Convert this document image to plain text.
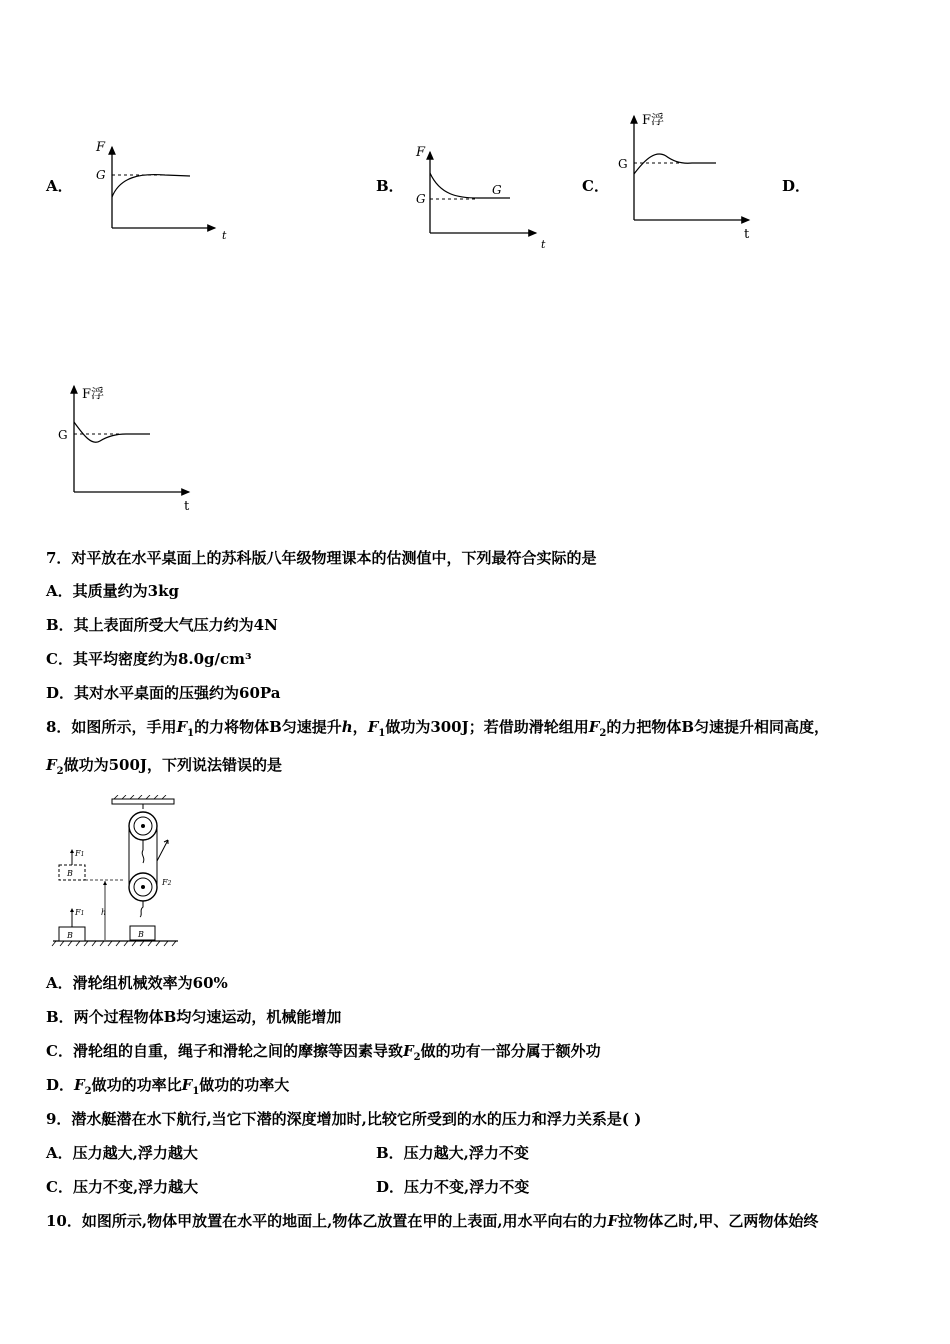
A．	B．	C．	D．
F
G
t
F
G
G
t
F浮
G
t
F浮
G
t
7．对平放在水平桌面上的苏科版八年级物理课本的估测值中，下列最符合实际的是
A．其质量约为3kg
B．其上表面所受大气压力约为4N
C．其平均密度约为8.0g/cm³
D．其对水平桌面的压强约为60Pa
8．如图所示，手用$F_1$的力将物体B匀速提升h，$F_1$做功为300J；若借助滑轮组用$F_2$的力把物体B匀速提升相同高度，
$F_2$做功为500J，下列说法错误的是
F2
B
B
F1
B
F1
h
A．滑轮组机械效率为60%
B．两个过程物体B均匀速运动，机械能增加
C．滑轮组的自重，绳子和滑轮之间的摩擦等因素导致$F_2$做的功有一部分属于额外功
D．$F_2$做功的功率比$F_1$做功的功率大
9．潜水艇潜在水下航行,当它下潜的深度增加时,比较它所受到的水的压力和浮力关系是( )
A．压力越大,浮力越大	B．压力越大,浮力不变
C．压力不变,浮力越大	D．压力不变,浮力不变
10．如图所示,物体甲放置在水平的地面上,物体乙放置在甲的上表面,用水平向右的力F拉物体乙时,甲、乙两物体始终
